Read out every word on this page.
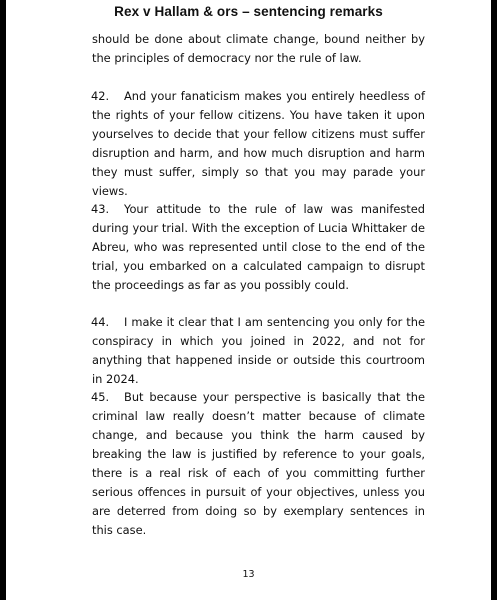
Rex v Hallam & ors – sentencing remarks
should be done about climate change, bound neither by the principles of democracy nor the rule of law.
42.	And your fanaticism makes you entirely heedless of the rights of your fellow citizens. You have taken it upon yourselves to decide that your fellow citizens must suffer disruption and harm, and how much disruption and harm they must suffer, simply so that you may parade your views.
43.	Your attitude to the rule of law was manifested during your trial. With the exception of Lucia Whittaker de Abreu, who was represented until close to the end of the trial, you embarked on a calculated campaign to disrupt the proceedings as far as you possibly could.
44.	I make it clear that I am sentencing you only for the conspiracy in which you joined in 2022, and not for anything that happened inside or outside this courtroom in 2024.
45.	But because your perspective is basically that the criminal law really doesn’t matter because of climate change, and because you think the harm caused by breaking the law is justified by reference to your goals, there is a real risk of each of you committing further serious offences in pursuit of your objectives, unless you are deterred from doing so by exemplary sentences in this case.
13
